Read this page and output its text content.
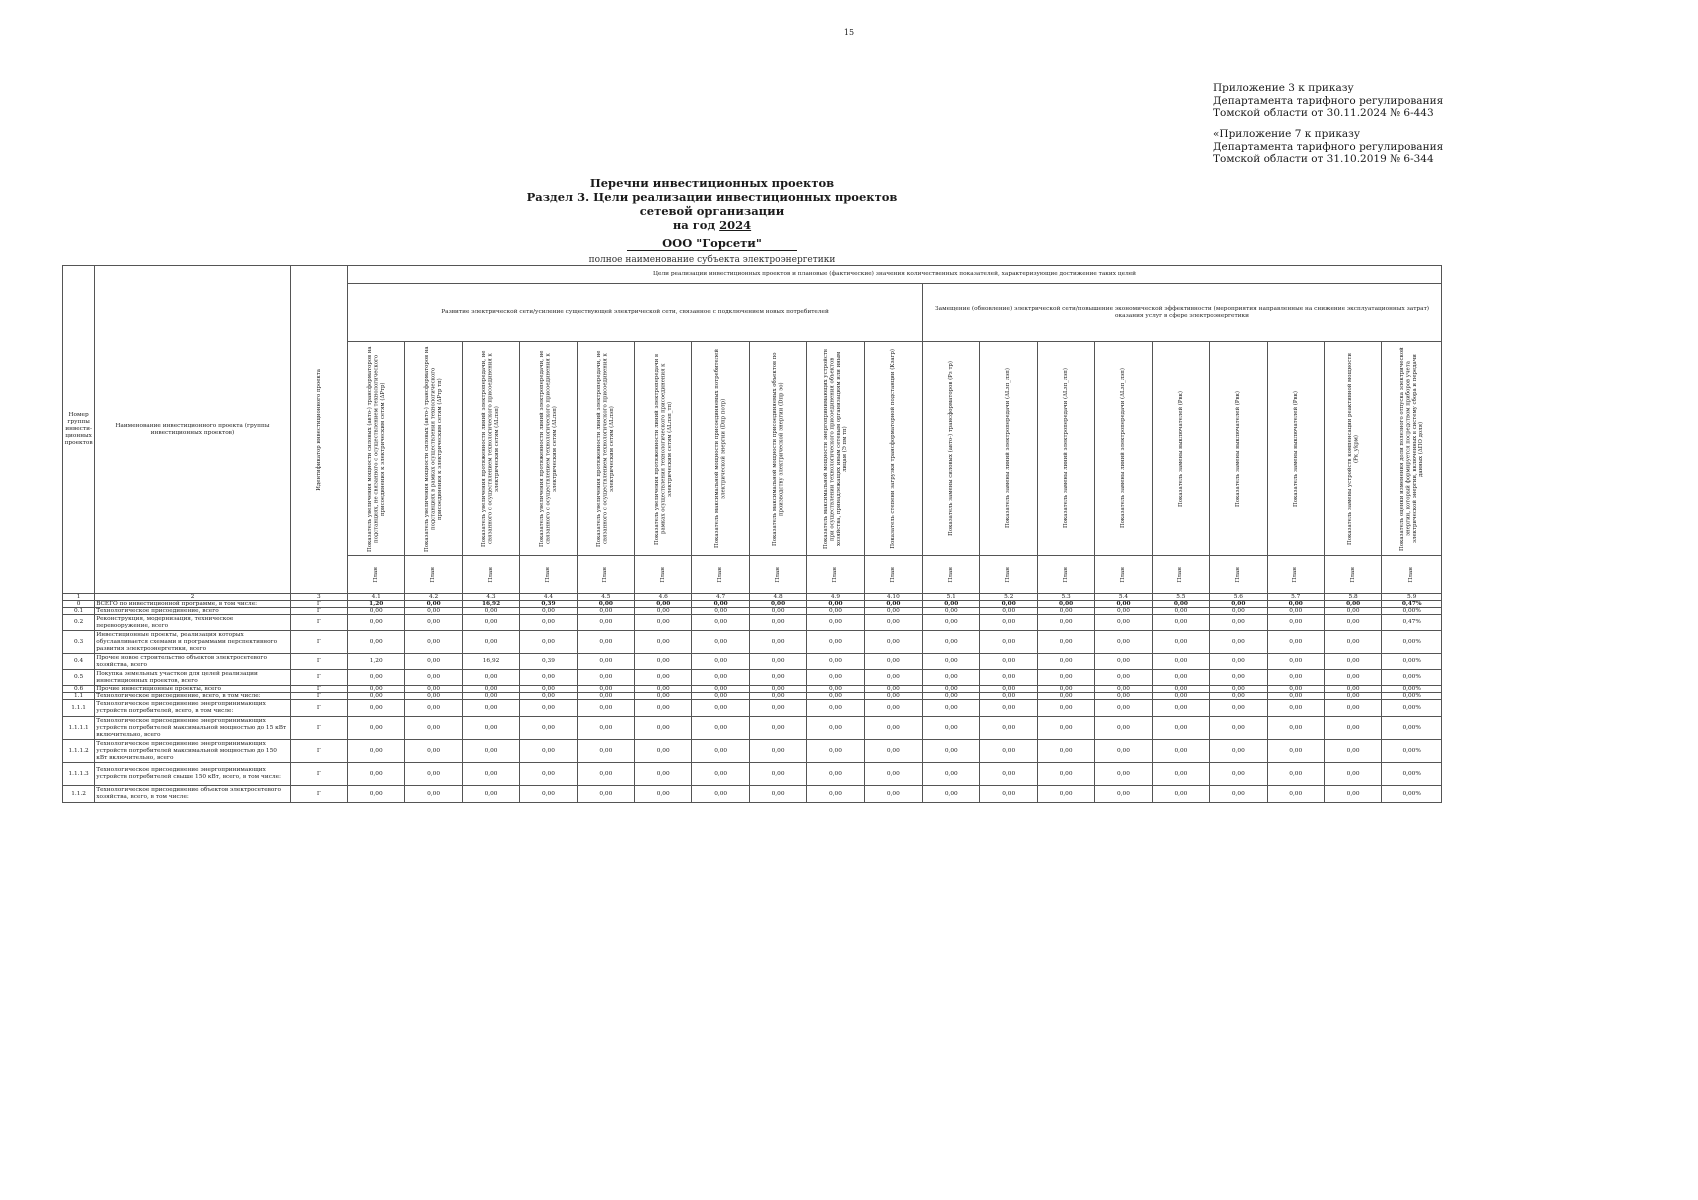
15
Приложение 3 к приказу
Департамента тарифного регулирования
Томской области от 30.11.2024 № 6-443
«Приложение 7 к приказу
Департамента тарифного регулирования
Томской области от 31.10.2019 № 6-344
Перечни инвестиционных проектов
Раздел 3. Цели реализации инвестиционных проектов сетевой организации
на год 2024
ООО "Горсети"
полное наименование субъекта электроэнергетики
Номер группы инвести-ционных проектов	Наименование инвестиционного проекта (группы инвестиционных проектов)	Идентификатор инвестиционного проекта	Цели реализации инвестиционных проектов и плановые (фактические) значения количественных показателей, характеризующие достижение таких целей																		
			Развитие электрической сети/усиление существующей электрической сети, связанное с подключением новых потребителей										Замещение (обновление) электрической сети/повышение экономической эффективности (мероприятия направленные на снижение эксплуатационных затрат) оказания услуг в сфере электроэнергетики								

			Показатель увеличения мощности силовых (авто-) трансформаторов на подстанциях, не связанного с осуществлением технологического присоединения к электрическим сетям (ΔPтр)	Показатель увеличения мощности силовых (авто-) трансформаторов на подстанциях в рамках осуществления технологического присоединения к электрическим сетям (ΔPтр тп)	Показатель увеличения протяженности линий электропередачи, не связанного с осуществлением технологического присоединения к электрическим сетям (ΔLлэп)	Показатель увеличения протяженности линий электропередачи, не связанного с осуществлением технологического присоединения к электрическим сетям (ΔLлэп)	Показатель увеличения протяженности линий электропередачи, не связанного с осуществлением технологического присоединения к электрическим сетям (ΔLлэп)	Показатель увеличения протяженности линий электропередачи в рамках осуществления технологического присоединения к электрическим сетям (ΔLлэп_тп)	Показатель максимальной мощности присоединяемых потребителей электрической энергии (Dпр потр)	Показатель максимальной мощности присоединяемых объектов по производству электрической энергии (Dпр эо)	Показатель максимальной мощности энергопринимающих устройств при осуществлении технологического присоединения объектов хозяйства, принадлежащих иным сетевым организациям или иным лицам (Э пм тп)	Показатель степени загрузки трансформаторной подстанции (Кзагр)	Показатель замены силовых (авто-) трансформаторов (Pз тр)	Показатель замены линий электропередачи (ΔLзп_лэп)	Показатель замены линий электропередачи (ΔLзп_лэп)	Показатель замены линий электропередачи (ΔLзп_лэп)	Показатель замены выключателей (Pвк)	Показатель замены выключателей (Pвк)	Показатель замены выключателей (Pвк)	Показатель замены устройств компенсации реактивной мощности (Pк_уkрм)	Показатель оценки изменения доли полезного отпуска электрической энергии, который формируется посредством приборов учета электрической энергии, включенных в систему сбора и передачи данных (ΔПО доля)

			План	План	План	План	План	План	План	План	План	План	План	План	План	План	План	План	План	План	План

1	2	3	4.1	4.2	4.3	4.4	4.5	4.6	4.7	4.8	4.9	4.10	5.1	5.2	5.3	5.4	5.5	5.6	5.7	5.8	5.9
0	ВСЕГО по инвестиционной программе, в том числе:	Г	1,20	0,00	16,92	0,39	0,00	0,00	0,00	0,00	0,00	0,00	0,00	0,00	0,00	0,00	0,00	0,00	0,00	0,00	0,47%
0.1	Технологическое присоединение, всего	Г	0,00	0,00	0,00	0,00	0,00	0,00	0,00	0,00	0,00	0,00	0,00	0,00	0,00	0,00	0,00	0,00	0,00	0,00	0,00%
0.2	Реконструкция, модернизация, техническое перевооружение, всего	Г	0,00	0,00	0,00	0,00	0,00	0,00	0,00	0,00	0,00	0,00	0,00	0,00	0,00	0,00	0,00	0,00	0,00	0,00	0,47%
0.3	Инвестиционные проекты, реализация которых обуславливается схемами и программами перспективного развития электроэнергетики, всего	Г	0,00	0,00	0,00	0,00	0,00	0,00	0,00	0,00	0,00	0,00	0,00	0,00	0,00	0,00	0,00	0,00	0,00	0,00	0,00%
0.4	Прочее новое строительство объектов электросетевого хозяйства, всего	Г	1,20	0,00	16,92	0,39	0,00	0,00	0,00	0,00	0,00	0,00	0,00	0,00	0,00	0,00	0,00	0,00	0,00	0,00	0,00%
0.5	Покупка земельных участков для целей реализации инвестиционных проектов, всего	Г	0,00	0,00	0,00	0,00	0,00	0,00	0,00	0,00	0,00	0,00	0,00	0,00	0,00	0,00	0,00	0,00	0,00	0,00	0,00%
0.6	Прочие инвестиционные проекты, всего	Г	0,00	0,00	0,00	0,00	0,00	0,00	0,00	0,00	0,00	0,00	0,00	0,00	0,00	0,00	0,00	0,00	0,00	0,00	0,00%
1.1	Технологическое присоединение, всего, в том числе:	Г	0,00	0,00	0,00	0,00	0,00	0,00	0,00	0,00	0,00	0,00	0,00	0,00	0,00	0,00	0,00	0,00	0,00	0,00	0,00%
1.1.1	Технологическое присоединение энергопринимающих устройств потребителей, всего, в том числе:	Г	0,00	0,00	0,00	0,00	0,00	0,00	0,00	0,00	0,00	0,00	0,00	0,00	0,00	0,00	0,00	0,00	0,00	0,00	0,00%
1.1.1.1	Технологическое присоединение энергопринимающих устройств потребителей максимальной мощностью до 15 кВт включительно, всего	Г	0,00	0,00	0,00	0,00	0,00	0,00	0,00	0,00	0,00	0,00	0,00	0,00	0,00	0,00	0,00	0,00	0,00	0,00	0,00%
1.1.1.2	Технологическое присоединение энергопринимающих устройств потребителей максимальной мощностью до 150 кВт включительно, всего	Г	0,00	0,00	0,00	0,00	0,00	0,00	0,00	0,00	0,00	0,00	0,00	0,00	0,00	0,00	0,00	0,00	0,00	0,00	0,00%
1.1.1.3	Технологическое присоединение энергопринимающих устройств потребителей свыше 150 кВт, всего, в том числе:	Г	0,00	0,00	0,00	0,00	0,00	0,00	0,00	0,00	0,00	0,00	0,00	0,00	0,00	0,00	0,00	0,00	0,00	0,00	0,00%
1.1.2	Технологическое присоединение объектов электросетевого хозяйства, всего, в том числе:	Г	0,00	0,00	0,00	0,00	0,00	0,00	0,00	0,00	0,00	0,00	0,00	0,00	0,00	0,00	0,00	0,00	0,00	0,00	0,00%
